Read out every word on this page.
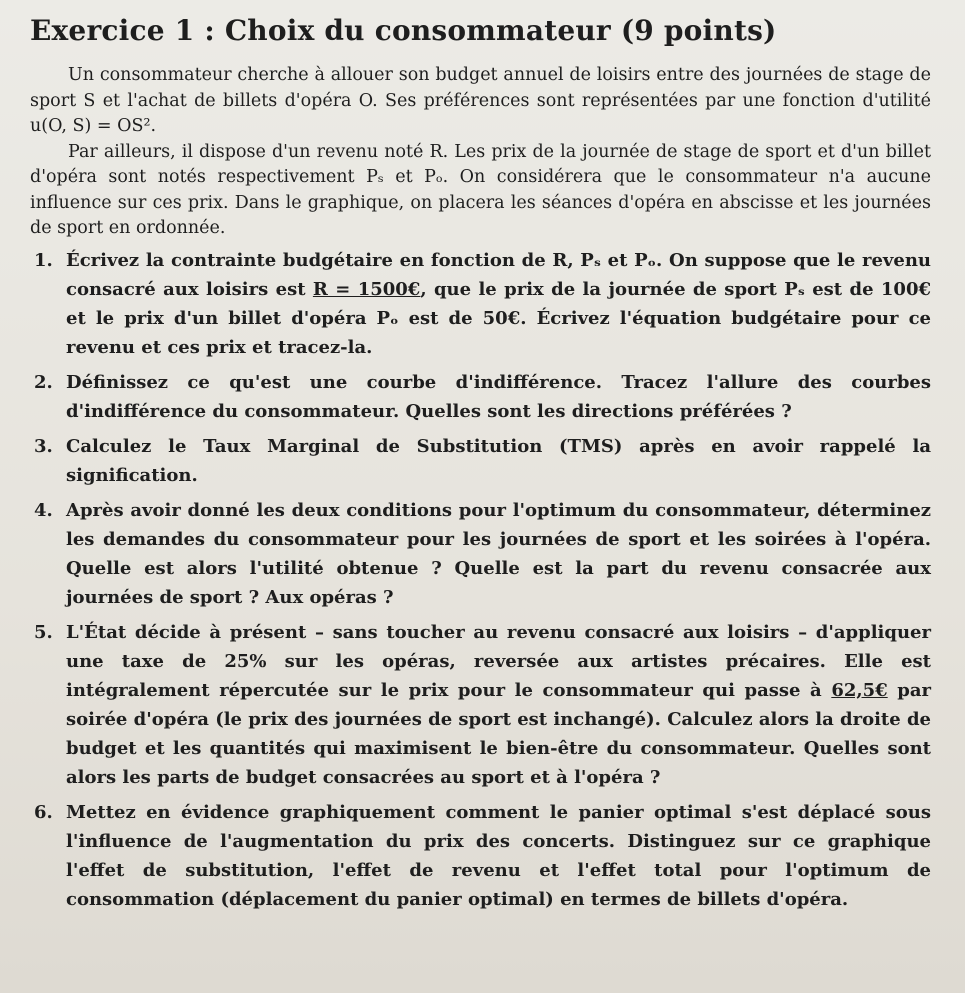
Exercice 1 : Choix du consommateur (9 points)

Un consommateur cherche à allouer son budget annuel de loisirs entre des journées de stage de sport S et l'achat de billets d'opéra O. Ses préférences sont représentées par une fonction d'utilité u(O, S) = OS².

Par ailleurs, il dispose d'un revenu noté R. Les prix de la journée de stage de sport et d'un billet d'opéra sont notés respectivement Pₛ et Pₒ. On considérera que le consommateur n'a aucune influence sur ces prix. Dans le graphique, on placera les séances d'opéra en abscisse et les journées de sport en ordonnée.

1. Écrivez la contrainte budgétaire en fonction de R, Pₛ et Pₒ. On suppose que le revenu consacré aux loisirs est R = 1500€, que le prix de la journée de sport Pₛ est de 100€ et le prix d'un billet d'opéra Pₒ est de 50€. Écrivez l'équation budgétaire pour ce revenu et ces prix et tracez-la.
2. Définissez ce qu'est une courbe d'indifférence. Tracez l'allure des courbes d'indifférence du consommateur. Quelles sont les directions préférées ?
3. Calculez le Taux Marginal de Substitution (TMS) après en avoir rappelé la signification.
4. Après avoir donné les deux conditions pour l'optimum du consommateur, déterminez les demandes du consommateur pour les journées de sport et les soirées à l'opéra. Quelle est alors l'utilité obtenue ? Quelle est la part du revenu consacrée aux journées de sport ? Aux opéras ?
5. L'État décide à présent – sans toucher au revenu consacré aux loisirs – d'appliquer une taxe de 25% sur les opéras, reversée aux artistes précaires. Elle est intégralement répercutée sur le prix pour le consommateur qui passe à 62,5€ par soirée d'opéra (le prix des journées de sport est inchangé). Calculez alors la droite de budget et les quantités qui maximisent le bien-être du consommateur. Quelles sont alors les parts de budget consacrées au sport et à l'opéra ?
6. Mettez en évidence graphiquement comment le panier optimal s'est déplacé sous l'influence de l'augmentation du prix des concerts. Distinguez sur ce graphique l'effet de substitution, l'effet de revenu et l'effet total pour l'optimum de consommation (déplacement du panier optimal) en termes de billets d'opéra.
